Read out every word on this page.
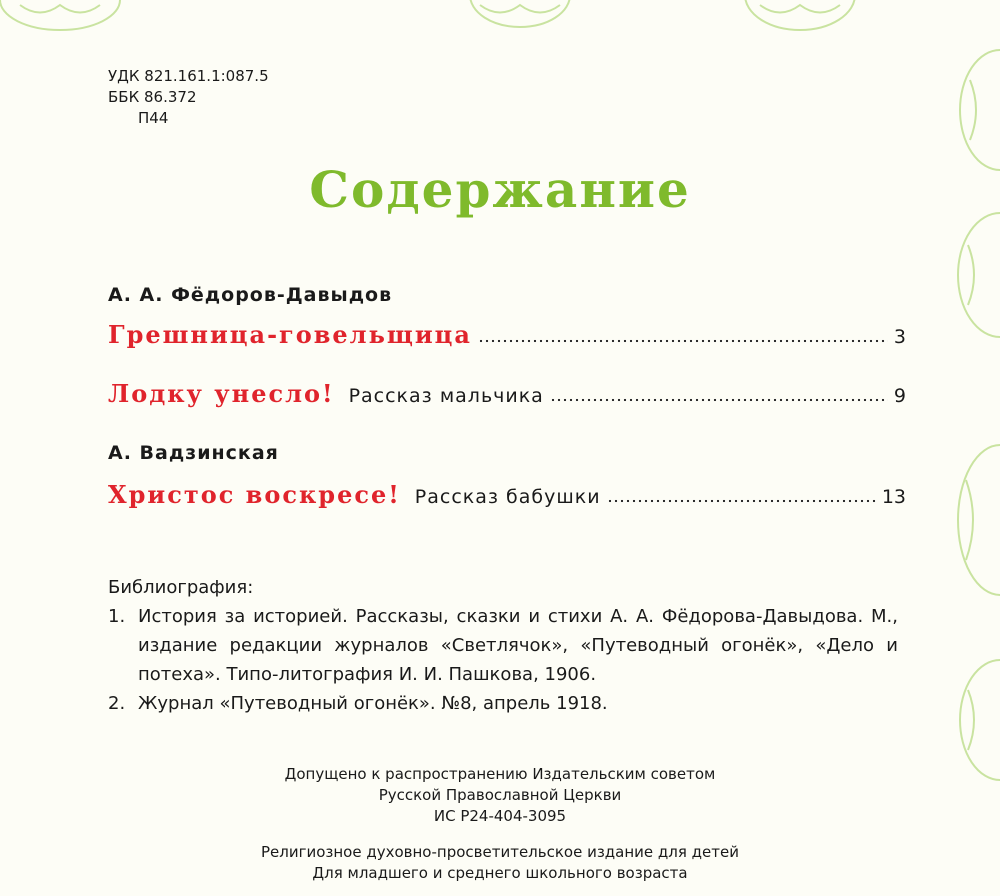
УДК 821.161.1:087.5
ББК 86.372
П44
Содержание
А. А. Фёдоров-Давыдов
Грешница-говельщица	3
Лодку унесло! Рассказ мальчика	9
А. Вадзинская
Христос воскресе! Рассказ бабушки	13
Библиография:
1. История за историей. Рассказы, сказки и стихи А. А. Фёдорова-Давыдова. М., издание редакции журналов «Светлячок», «Путеводный огонёк», «Дело и потеха». Типо-литография И. И. Пашкова, 1906.
2. Журнал «Путеводный огонёк». №8, апрель 1918.
Допущено к распространению Издательским советом
Русской Православной Церкви
ИС Р24-404-3095
Религиозное духовно-просветительское издание для детей
Для младшего и среднего школьного возраста
